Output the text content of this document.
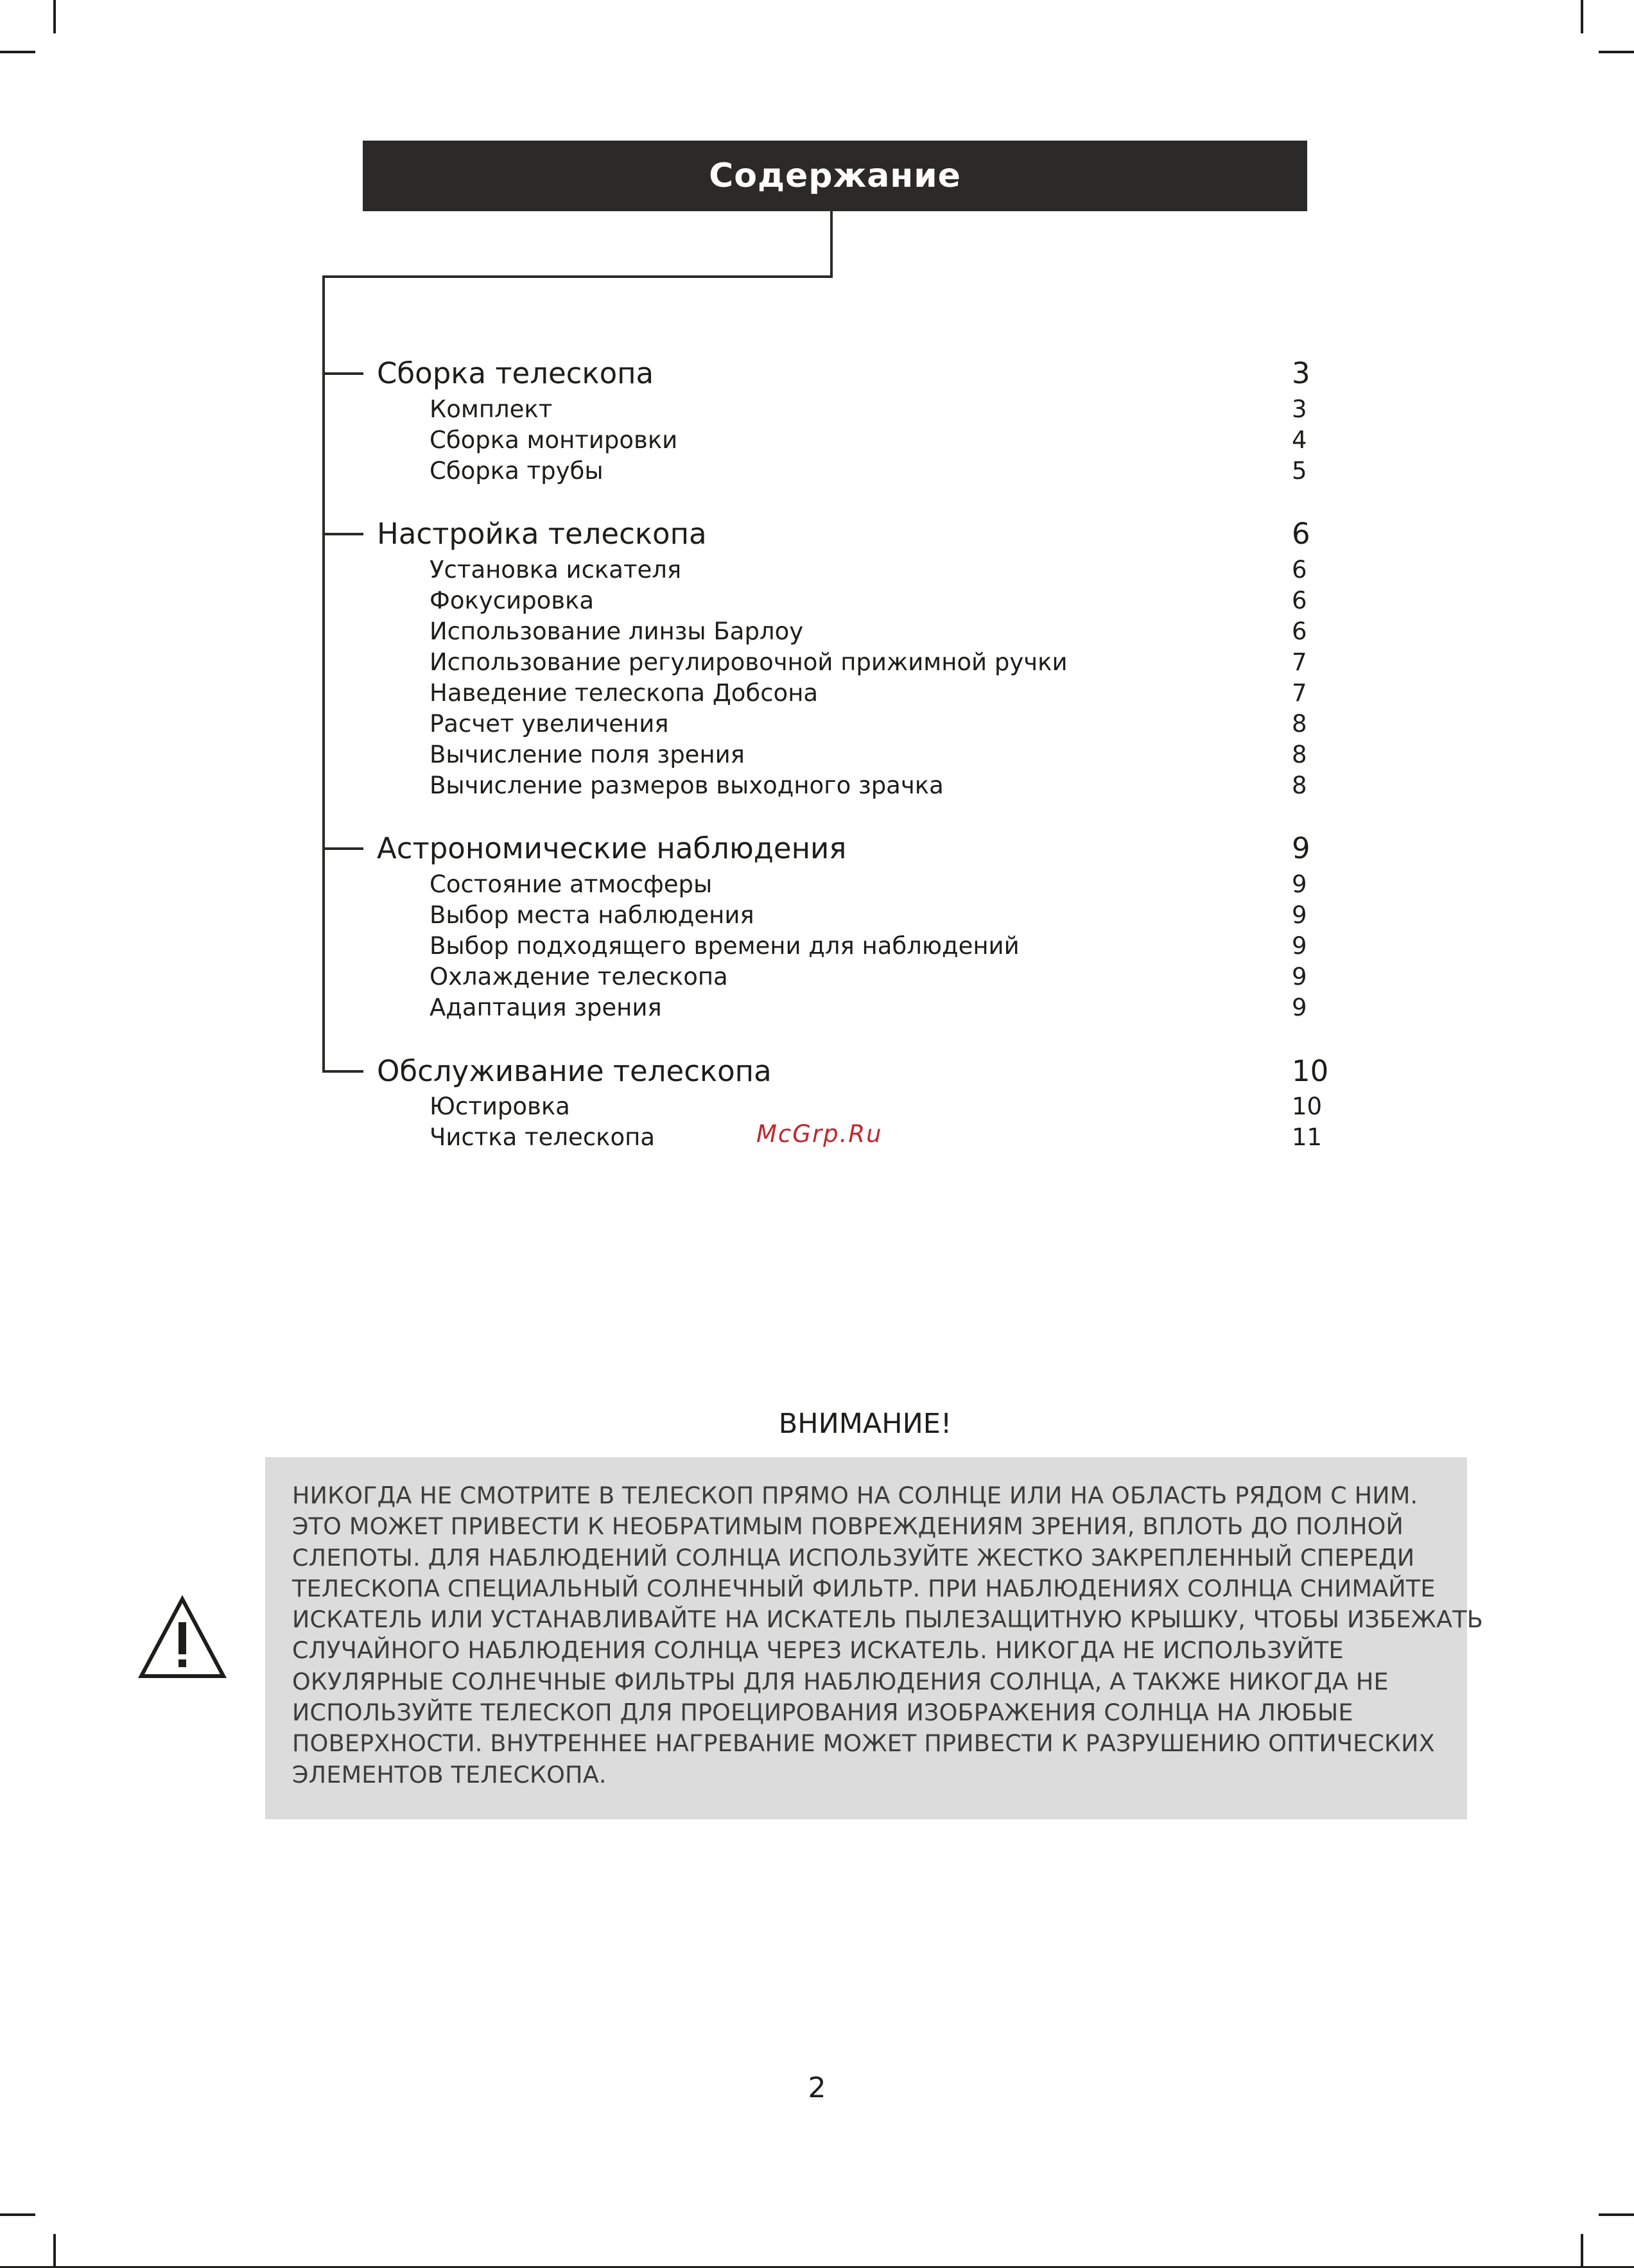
Содержание
Сборка телескопа	3
Комплект	3
Сборка монтировки	4
Сборка трубы	5
Настройка телескопа	6
Установка искателя	6
Фокусировка	6
Использование линзы Барлоу	6
Использование регулировочной прижимной ручки	7
Наведение телескопа Добсона	7
Расчет увеличения	8
Вычисление поля зрения	8
Вычисление размеров выходного зрачка	8
Астрономические наблюдения	9
Состояние атмосферы	9
Выбор места наблюдения	9
Выбор подходящего времени для наблюдений	9
Охлаждение телескопа	9
Адаптация зрения	9
Обслуживание телескопа	10
Юстировка	10
Чистка телескопа	11
McGrp.Ru
ВНИМАНИЕ!
НИКОГДА НЕ СМОТРИТЕ В ТЕЛЕСКОП ПРЯМО НА СОЛНЦЕ ИЛИ НА ОБЛАСТЬ РЯДОМ С НИМ.
ЭТО МОЖЕТ ПРИВЕСТИ К НЕОБРАТИМЫМ ПОВРЕЖДЕНИЯМ ЗРЕНИЯ, ВПЛОТЬ ДО ПОЛНОЙ
СЛЕПОТЫ. ДЛЯ НАБЛЮДЕНИЙ СОЛНЦА ИСПОЛЬЗУЙТЕ ЖЕСТКО ЗАКРЕПЛЕННЫЙ СПЕРЕДИ
ТЕЛЕСКОПА СПЕЦИАЛЬНЫЙ СОЛНЕЧНЫЙ ФИЛЬТР. ПРИ НАБЛЮДЕНИЯХ СОЛНЦА СНИМАЙТЕ
ИСКАТЕЛЬ ИЛИ УСТАНАВЛИВАЙТЕ НА ИСКАТЕЛЬ ПЫЛЕЗАЩИТНУЮ КРЫШКУ, ЧТОБЫ ИЗБЕЖАТЬ
СЛУЧАЙНОГО НАБЛЮДЕНИЯ СОЛНЦА ЧЕРЕЗ ИСКАТЕЛЬ. НИКОГДА НЕ ИСПОЛЬЗУЙТЕ
ОКУЛЯРНЫЕ СОЛНЕЧНЫЕ ФИЛЬТРЫ ДЛЯ НАБЛЮДЕНИЯ СОЛНЦА, А ТАКЖЕ НИКОГДА НЕ
ИСПОЛЬЗУЙТЕ ТЕЛЕСКОП ДЛЯ ПРОЕЦИРОВАНИЯ ИЗОБРАЖЕНИЯ СОЛНЦА НА ЛЮБЫЕ
ПОВЕРХНОСТИ. ВНУТРЕННЕЕ НАГРЕВАНИЕ МОЖЕТ ПРИВЕСТИ К РАЗРУШЕНИЮ ОПТИЧЕСКИХ
ЭЛЕМЕНТОВ ТЕЛЕСКОПА.
2
